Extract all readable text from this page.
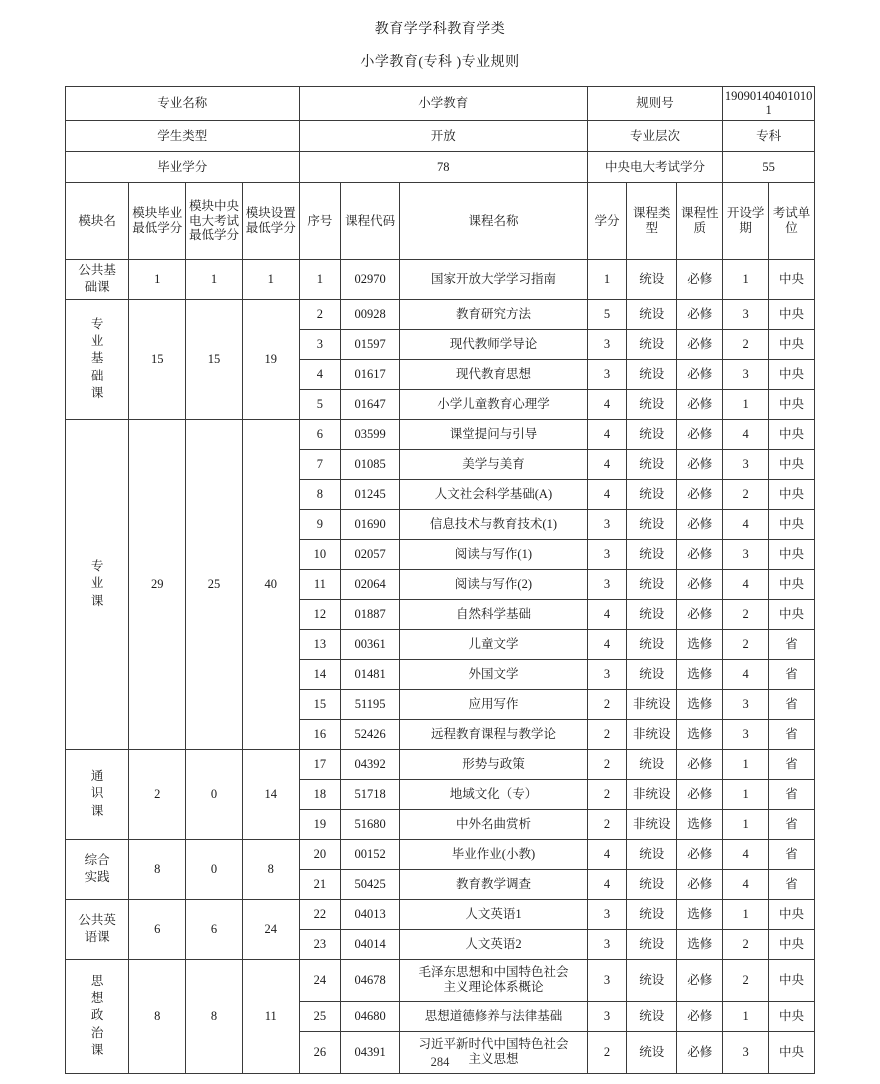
教育学学科教育学类
小学教育(专科 )专业规则
专业名称				小学教育			规则号			190901404010101	
学生类型				开放			专业层次			专科	
毕业学分				78			中央电大考试学分			55	

模块名	模块毕业最低学分	模块中央电大考试最低学分	模块设置最低学分	序号	课程代码	课程名称	学分	课程类型	课程性质	开设学期	考试单位

公共基
础课	1	1	1	1	02970	国家开放大学学习指南	1	统设	必修	1	中央

专
业
基
础
课	15	15	19	2	00928	教育研究方法	5	统设	必修	3	中央
				3	01597	现代教师学导论	3	统设	必修	2	中央
				4	01617	现代教育思想	3	统设	必修	3	中央
				5	01647	小学儿童教育心理学	4	统设	必修	1	中央

专
业
课	29	25	40	6	03599	课堂提问与引导	4	统设	必修	4	中央
				7	01085	美学与美育	4	统设	必修	3	中央
				8	01245	人文社会科学基础(A)	4	统设	必修	2	中央
				9	01690	信息技术与教育技术(1)	3	统设	必修	4	中央
				10	02057	阅读与写作(1)	3	统设	必修	3	中央
				11	02064	阅读与写作(2)	3	统设	必修	4	中央
				12	01887	自然科学基础	4	统设	必修	2	中央
				13	00361	儿童文学	4	统设	选修	2	省
				14	01481	外国文学	3	统设	选修	4	省
				15	51195	应用写作	2	非统设	选修	3	省
				16	52426	远程教育课程与教学论	2	非统设	选修	3	省

通
识
课	2	0	14	17	04392	形势与政策	2	统设	必修	1	省
				18	51718	地域文化（专）	2	非统设	必修	1	省
				19	51680	中外名曲赏析	2	非统设	选修	1	省

综合
实践	8	0	8	20	00152	毕业作业(小教)	4	统设	必修	4	省
				21	50425	教育教学调查	4	统设	必修	4	省

公共英
语课	6	6	24	22	04013	人文英语1	3	统设	选修	1	中央
				23	04014	人文英语2	3	统设	选修	2	中央

思
想
政
治
课	8	8	11	24	04678	毛泽东思想和中国特色社会
主义理论体系概论	3	统设	必修	2	中央
				25	04680	思想道德修养与法律基础	3	统设	必修	1	中央
				26	04391	习近平新时代中国特色社会
主义思想	2	统设	必修	3	中央
284
